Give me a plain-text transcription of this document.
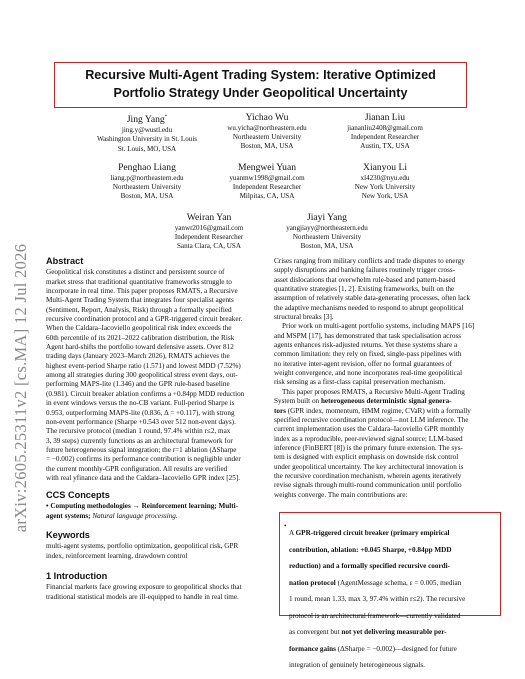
arXiv:2605.25311v2 [cs.MA] 12 Jul 2026
Recursive Multi-Agent Trading System: Iterative Optimized
Portfolio Strategy Under Geopolitical Uncertainty
Jing Yang*
jing.y@wustl.edu
Washington University in St. Louis
St. Louis, MO, USA
Yichao Wu
wu.yicha@northeastern.edu
Northeastern University
Boston, MA, USA
Jianan Liu
jiananliu2408@gmail.com
Independent Researcher
Austin, TX, USA
Penghao Liang
liang.p@northeastern.edu
Northeastern University
Boston, MA, USA
Mengwei Yuan
yuanmw1998@gmail.com
Independent Researcher
Milpitas, CA, USA
Xianyou Li
xl4230@nyu.edu
New York University
New York, USA
Weiran Yan
yanwr2016@gmail.com
Independent Researcher
Santa Clara, CA, USA
Jiayi Yang
yangjiayy@northeastern.edu
Northeastern University
Boston, MA, USA
Abstract

Geopolitical risk constitutes a distinct and persistent source of

market stress that traditional quantitative frameworks struggle to

incorporate in real time. This paper proposes RMATS, a Recursive

Multi-Agent Trading System that integrates four specialist agents

(Sentiment, Report, Analysis, Risk) through a formally specified

recursive coordination protocol and a GPR-triggered circuit breaker.

When the Caldara–Iacoviello geopolitical risk index exceeds the

60th percentile of its 2021–2022 calibration distribution, the Risk

Agent hard-shifts the portfolio toward defensive assets. Over 812

trading days (January 2023–March 2026), RMATS achieves the

highest event-period Sharpe ratio (1.571) and lowest MDD (7.52%)

among all strategies during 300 geopolitical stress event days, out-

performing MAPS-lite (1.346) and the GPR rule-based baseline

(0.981). Circuit breaker ablation confirms a +0.84pp MDD reduction

in event windows versus the no-CB variant. Full-period Sharpe is

0.953, outperforming MAPS-lite (0.836, Δ = +0.117), with strong

non-event performance (Sharpe +0.543 over 512 non-event days).

The recursive protocol (median 1 round, 97.4% within r≤2, max

3, 39 steps) currently functions as an architectural framework for

future heterogeneous signal integration; the r=1 ablation (ΔSharpe

= −0.002) confirms its performance contribution is negligible under

the current monthly-GPR configuration. All results are verified

with real yfinance data and the Caldara–Iacoviello GPR index [25].

CCS Concepts

• Computing methodologies → Reinforcement learning; Multi-

agent systems; Natural language processing.

Keywords

multi-agent systems, portfolio optimization, geopolitical risk, GPR

index, reinforcement learning, drawdown control

1 Introduction

Financial markets face growing exposure to geopolitical shocks that

traditional statistical models are ill-equipped to handle in real time.

Crises ranging from military conflicts and trade disputes to energy

supply disruptions and banking failures routinely trigger cross-

asset dislocations that overwhelm rule-based and pattern-based

quantitative strategies [1, 2]. Existing frameworks, built on the

assumption of relatively stable data-generating processes, often lack

the adaptive mechanisms needed to respond to abrupt geopolitical

structural breaks [3].

Prior work on multi-agent portfolio systems, including MAPS [16]

and MSPM [17], has demonstrated that task specialisation across

agents enhances risk-adjusted returns. Yet these systems share a

common limitation: they rely on fixed, single-pass pipelines with

no iterative inter-agent revision, offer no formal guarantees of

weight convergence, and none incorporates real-time geopolitical

risk sensing as a first-class capital preservation mechanism.

This paper proposes RMATS, a Recursive Multi-Agent Trading

System built on heterogeneous deterministic signal genera-

tors (GPR index, momentum, HMM regime, CVaR) with a formally

specified recursive coordination protocol—not LLM inference. The

current implementation uses the Caldara–Iacoviello GPR monthly

index as a reproducible, peer-reviewed signal source; LLM-based

inference (FinBERT [8]) is the primary future extension. The sys-

tem is designed with explicit emphasis on downside risk control

under geopolitical uncertainty. The key architectural innovation is

the recursive coordination mechanism, wherein agents iteratively

revise signals through multi-round communication until portfolio

weights converge. The main contributions are:

•

A GPR-triggered circuit breaker (primary empirical

contribution, ablation: +0.045 Sharpe, +0.84pp MDD

reduction) and a formally specified recursive coordi-

nation protocol (AgentMessage schema, ε = 0.005, median

1 round, mean 1.33, max 3, 97.4% within r≤2). The recursive

protocol is an architectural framework—currently validated

as convergent but not yet delivering measurable per-

formance gains (ΔSharpe = −0.002)—designed for future

integration of genuinely heterogeneous signals.
